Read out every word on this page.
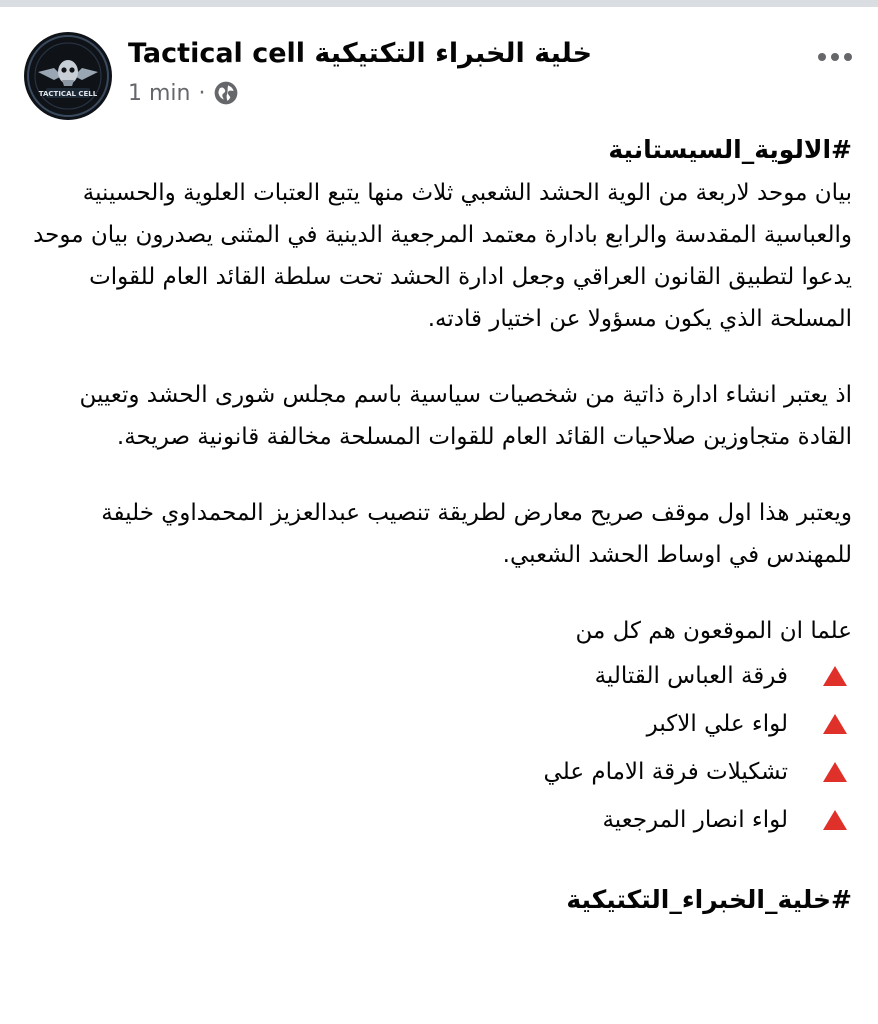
TACTICAL CELL
خلية الخبراء التكتيكية Tactical cell
1 min ·
#الالوية_السيستانية

بيان موحد لاربعة من الوية الحشد الشعبي ثلاث منها يتبع العتبات العلوية والحسينية والعباسية المقدسة والرابع بادارة معتمد المرجعية الدينية في المثنى يصدرون بيان موحد يدعوا لتطبيق القانون العراقي وجعل ادارة الحشد تحت سلطة القائد العام للقوات المسلحة الذي يكون مسؤولا عن اختيار قادته.

اذ يعتبر انشاء ادارة ذاتية من شخصيات سياسية باسم مجلس شورى الحشد وتعيين القادة متجاوزين صلاحيات القائد العام للقوات المسلحة مخالفة قانونية صريحة.

ويعتبر هذا اول موقف صريح معارض لطريقة تنصيب عبدالعزيز المحمداوي خليفة للمهندس في اوساط الحشد الشعبي.

علما ان الموقعون هم كل من
فرقة العباس القتالية
لواء علي الاكبر
تشكيلات فرقة الامام علي
لواء انصار المرجعية
#خلية_الخبراء_التكتيكية
